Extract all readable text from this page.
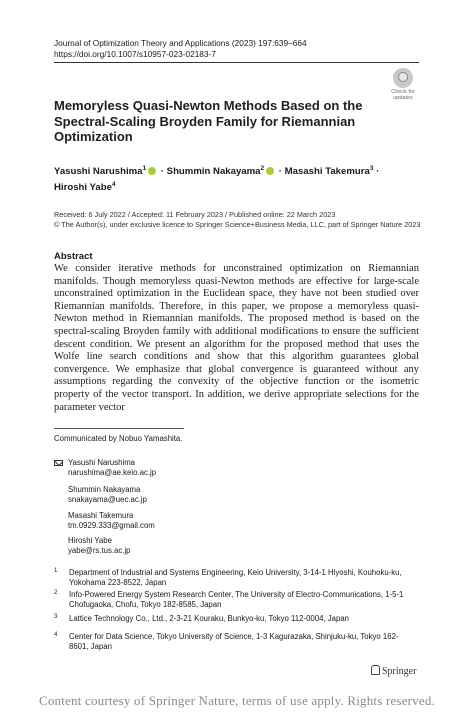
Journal of Optimization Theory and Applications (2023) 197:639–664
https://doi.org/10.1007/s10957-023-02183-7
Check for updates
Memoryless Quasi-Newton Methods Based on the Spectral-Scaling Broyden Family for Riemannian Optimization
Yasushi Narushima$^1$ · Shummin Nakayama$^2$ · Masashi Takemura$^3$ ·
Hiroshi Yabe$^4$
Received: 6 July 2022 / Accepted: 11 February 2023 / Published online: 22 March 2023
© The Author(s), under exclusive licence to Springer Science+Business Media, LLC, part of Springer Nature 2023
Abstract
We consider iterative methods for unconstrained optimization on Riemannian manifolds. Though memoryless quasi-Newton methods are effective for large-scale unconstrained optimization in the Euclidean space, they have not been studied over Riemannian manifolds. Therefore, in this paper, we propose a memoryless quasi-Newton method in Riemannian manifolds. The proposed method is based on the spectral-scaling Broyden family with additional modifications to ensure the sufficient descent condition. We present an algorithm for the proposed method that uses the Wolfe line search conditions and show that this algorithm guarantees global convergence. We emphasize that global convergence is guaranteed without any assumptions regarding the convexity of the objective function or the isometric property of the vector transport. In addition, we derive appropriate selections for the parameter vector
Communicated by Nobuo Yamashita.
Yasushi Narushima
narushima@ae.keio.ac.jp
Shummin Nakayama
snakayama@uec.ac.jp
Masashi Takemura
tm.0929.333@gmail.com
Hiroshi Yabe
yabe@rs.tus.ac.jp
1 Department of Industrial and Systems Engineering, Keio University, 3-14-1 Hiyoshi, Kouhoku-ku, Yokohama 223-8522, Japan
2 Info-Powered Energy System Research Center, The University of Electro-Communications, 1-5-1 Chofugaoka, Chofu, Tokyo 182-8585, Japan
3 Lattice Technology Co., Ltd., 2-3-21 Kouraku, Bunkyo-ku, Tokyo 112-0004, Japan
4 Center for Data Science, Tokyo University of Science, 1-3 Kagurazaka, Shinjuku-ku, Tokyo 162-8601, Japan
Springer
Content courtesy of Springer Nature, terms of use apply. Rights reserved.
